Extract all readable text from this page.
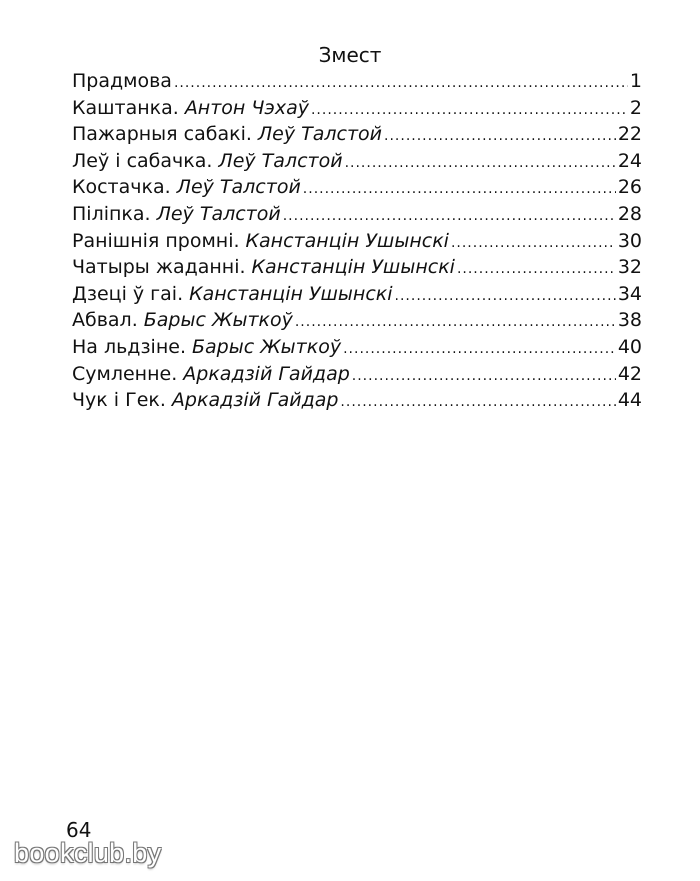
Змест
Прадмова .....	1
Каштанка. Антон Чэхаў .....	2
Пажарныя сабакі. Леў Талстой .....	22
Леў і сабачка. Леў Талстой .....	24
Костачка. Леў Талстой .....	26
Піліпка. Леў Талстой .....	28
Ранішнія промні. Канстанцін Ушынскі .....	30
Чатыры жаданні. Канстанцін Ушынскі .....	32
Дзеці ў гаі. Канстанцін Ушынскі .....	34
Абвал. Барыс Жыткоў .....	38
На льдзіне. Барыс Жыткоў .....	40
Сумленне. Аркадзій Гайдар .....	42
Чук і Гек. Аркадзій Гайдар .....	44
64
bookclub.by
